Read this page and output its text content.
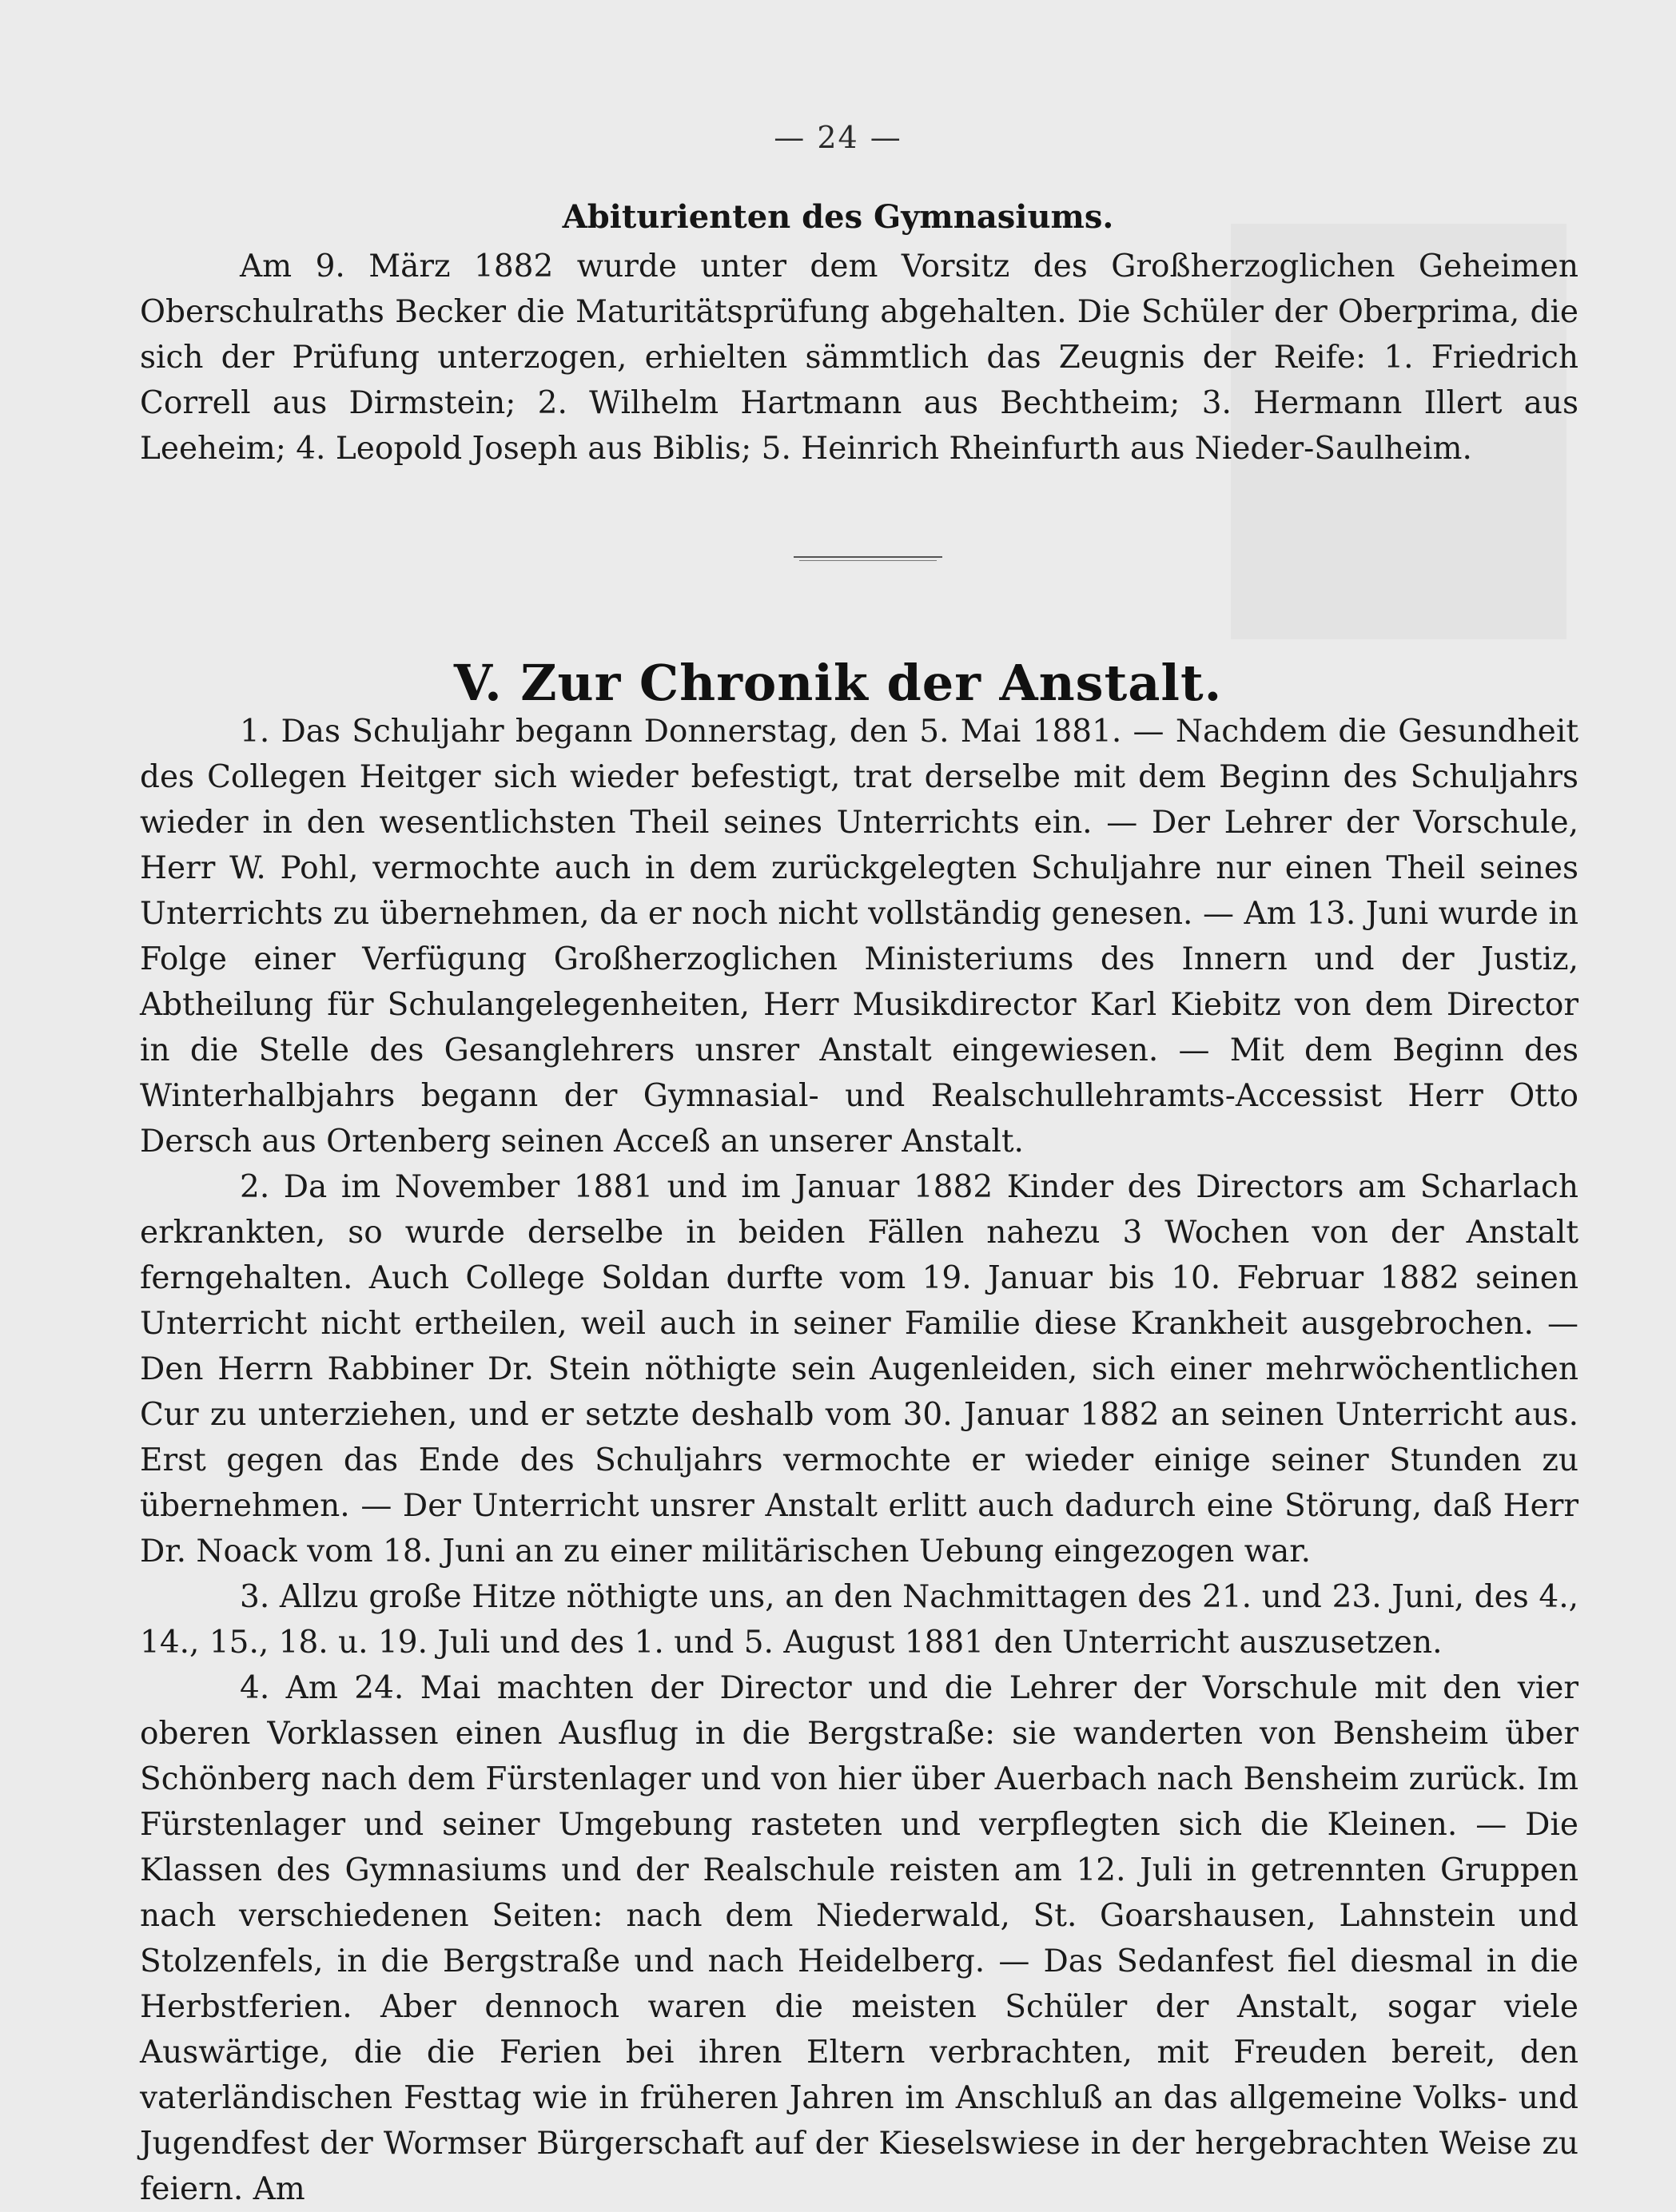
— 24 —
Abiturienten des Gymnasiums.

Am 9. März 1882 wurde unter dem Vorsitz des Großherzoglichen Geheimen Oberschulraths Becker die Maturitätsprüfung abgehalten. Die Schüler der Oberprima, die sich der Prüfung unterzogen, erhielten sämmtlich das Zeugnis der Reife: 1. Friedrich Correll aus Dirmstein; 2. Wilhelm Hartmann aus Bechtheim; 3. Hermann Illert aus Leeheim; 4. Leopold Joseph aus Biblis; 5. Heinrich Rheinfurth aus Nieder-Saulheim.

V. Zur Chronik der Anstalt.

1. Das Schuljahr begann Donnerstag, den 5. Mai 1881. — Nachdem die Gesundheit des Collegen Heitger sich wieder befestigt, trat derselbe mit dem Beginn des Schuljahrs wieder in den wesentlichsten Theil seines Unterrichts ein. — Der Lehrer der Vorschule, Herr W. Pohl, vermochte auch in dem zurückgelegten Schuljahre nur einen Theil seines Unterrichts zu übernehmen, da er noch nicht vollständig genesen. — Am 13. Juni wurde in Folge einer Verfügung Großherzoglichen Ministeriums des Innern und der Justiz, Abtheilung für Schulangelegenheiten, Herr Musikdirector Karl Kiebitz von dem Director in die Stelle des Gesanglehrers unsrer Anstalt eingewiesen. — Mit dem Beginn des Winterhalbjahrs begann der Gymnasial- und Realschullehramts-Accessist Herr Otto Dersch aus Ortenberg seinen Acceß an unserer Anstalt.

2. Da im November 1881 und im Januar 1882 Kinder des Directors am Scharlach erkrankten, so wurde derselbe in beiden Fällen nahezu 3 Wochen von der Anstalt ferngehalten. Auch College Soldan durfte vom 19. Januar bis 10. Februar 1882 seinen Unterricht nicht ertheilen, weil auch in seiner Familie diese Krankheit ausgebrochen. — Den Herrn Rabbiner Dr. Stein nöthigte sein Augenleiden, sich einer mehrwöchentlichen Cur zu unterziehen, und er setzte deshalb vom 30. Januar 1882 an seinen Unterricht aus. Erst gegen das Ende des Schuljahrs vermochte er wieder einige seiner Stunden zu übernehmen. — Der Unterricht unsrer Anstalt erlitt auch dadurch eine Störung, daß Herr Dr. Noack vom 18. Juni an zu einer militärischen Uebung eingezogen war.

3. Allzu große Hitze nöthigte uns, an den Nachmittagen des 21. und 23. Juni, des 4., 14., 15., 18. u. 19. Juli und des 1. und 5. August 1881 den Unterricht auszusetzen.

4. Am 24. Mai machten der Director und die Lehrer der Vorschule mit den vier oberen Vorklassen einen Ausflug in die Bergstraße: sie wanderten von Bensheim über Schönberg nach dem Fürstenlager und von hier über Auerbach nach Bensheim zurück. Im Fürstenlager und seiner Umgebung rasteten und verpflegten sich die Kleinen. — Die Klassen des Gymnasiums und der Realschule reisten am 12. Juli in getrennten Gruppen nach verschiedenen Seiten: nach dem Niederwald, St. Goarshausen, Lahnstein und Stolzenfels, in die Bergstraße und nach Heidelberg. — Das Sedanfest fiel diesmal in die Herbstferien. Aber dennoch waren die meisten Schüler der Anstalt, sogar viele Auswärtige, die die Ferien bei ihren Eltern verbrachten, mit Freuden bereit, den vaterländischen Festtag wie in früheren Jahren im Anschluß an das allgemeine Volks- und Jugendfest der Wormser Bürgerschaft auf der Kieselswiese in der hergebrachten Weise zu feiern. Am
